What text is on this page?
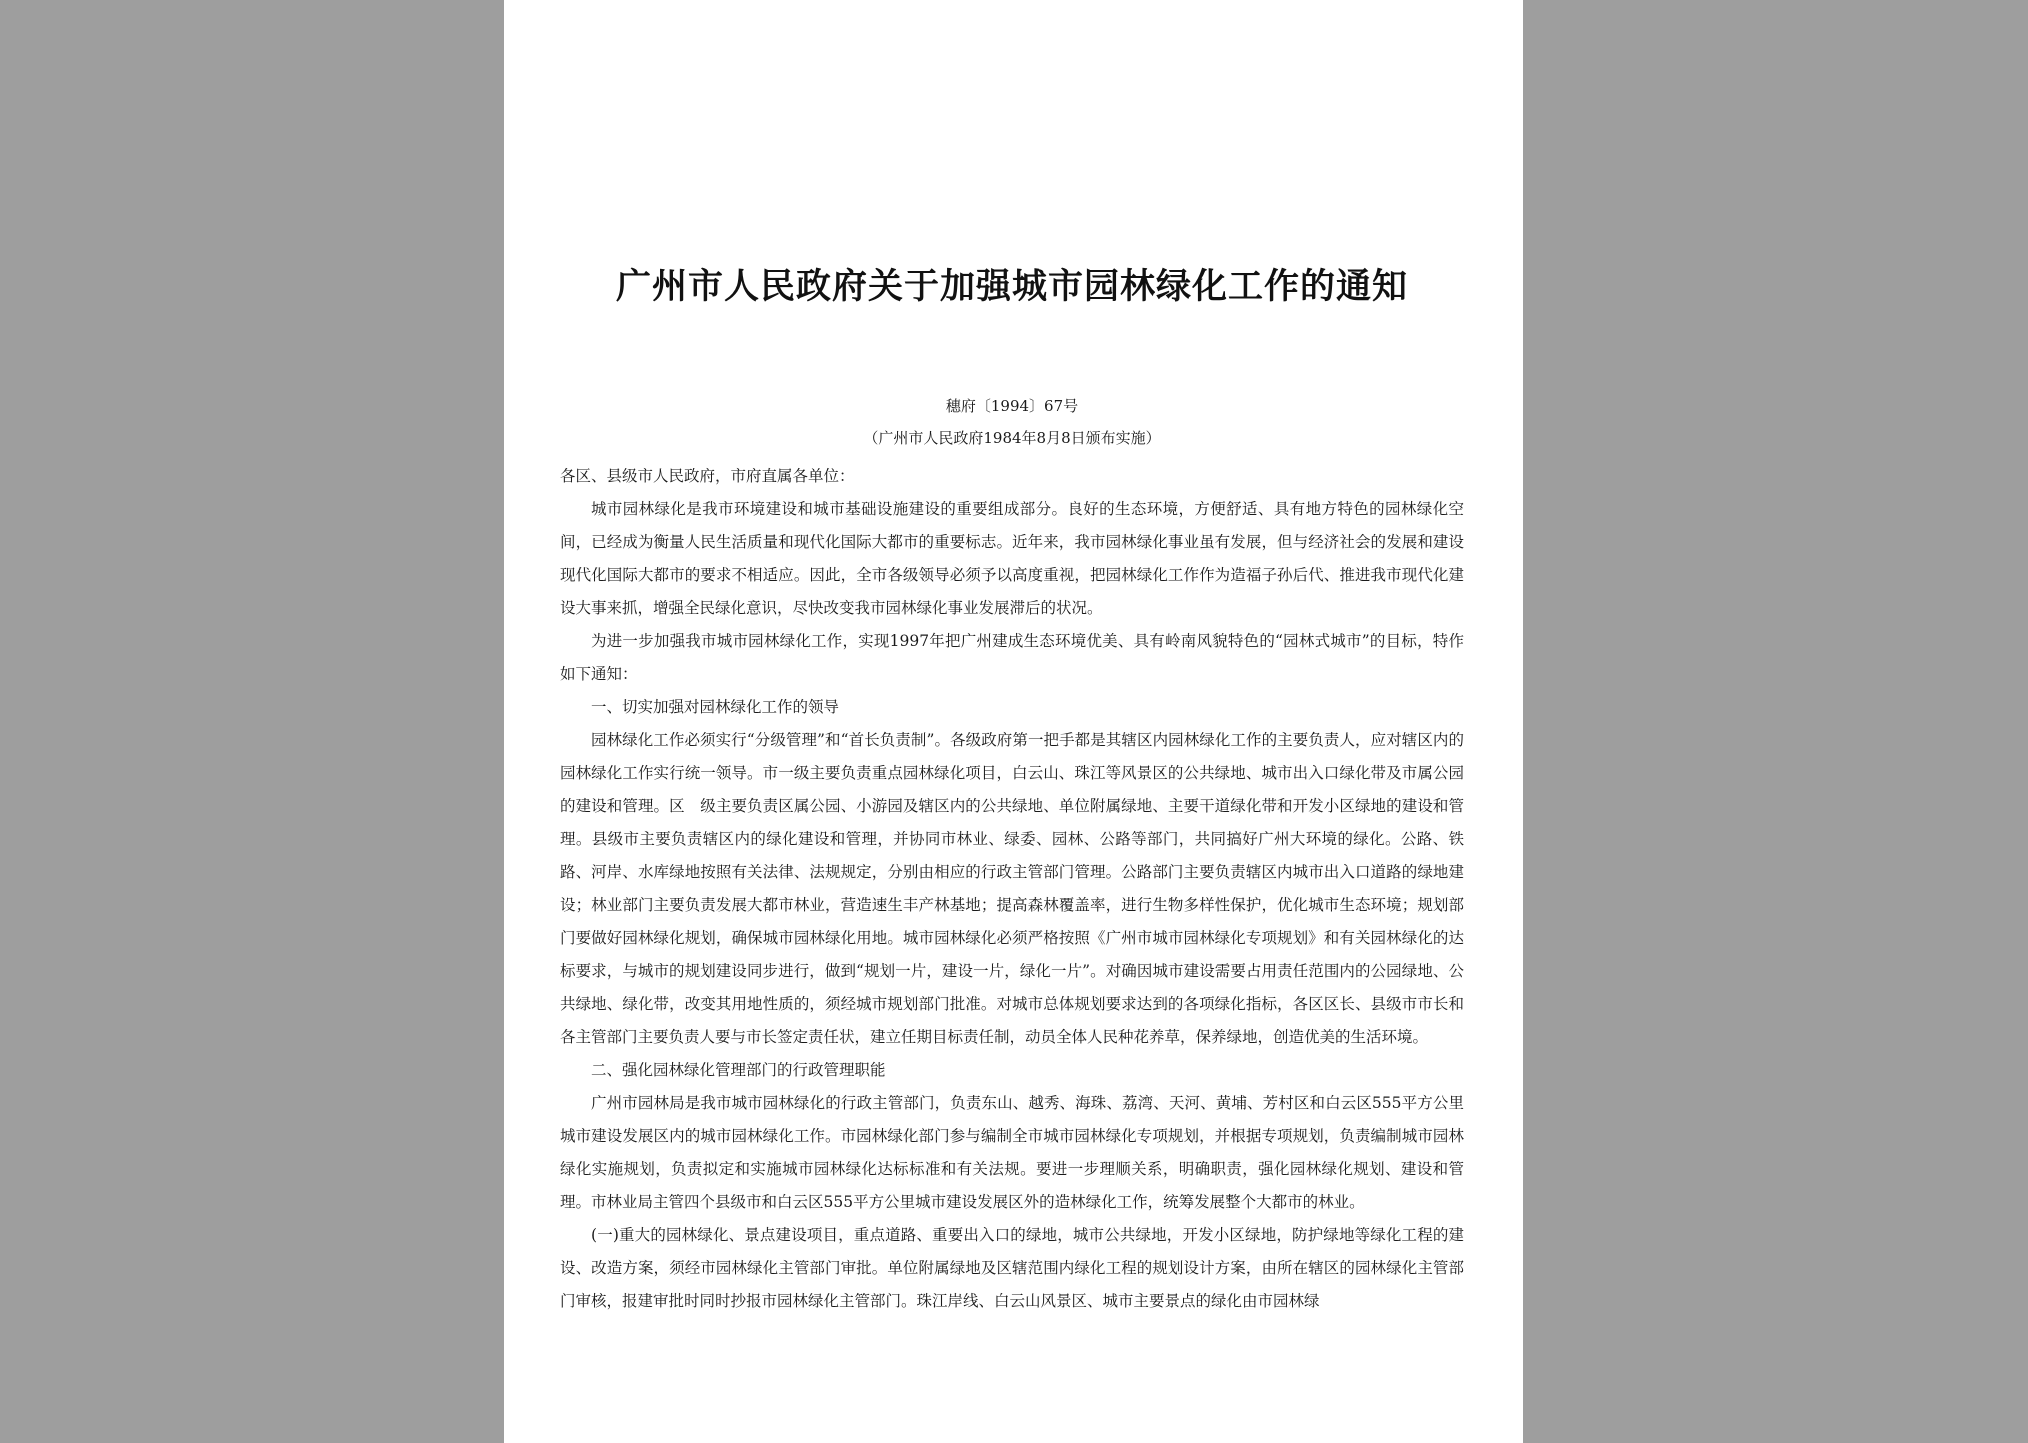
广州市人民政府关于加强城市园林绿化工作的通知
穗府〔1994〕67号
（广州市人民政府1984年8月8日颁布实施）

各区、县级市人民政府，市府直属各单位：

城市园林绿化是我市环境建设和城市基础设施建设的重要组成部分。良好的生态环境，方便舒适、具有地方特色的园林绿化空间，已经成为衡量人民生活质量和现代化国际大都市的重要标志。近年来，我市园林绿化事业虽有发展，但与经济社会的发展和建设现代化国际大都市的要求不相适应。因此，全市各级领导必须予以高度重视，把园林绿化工作作为造福子孙后代、推进我市现代化建设大事来抓，增强全民绿化意识，尽快改变我市园林绿化事业发展滞后的状况。

为进一步加强我市城市园林绿化工作，实现1997年把广州建成生态环境优美、具有岭南风貌特色的“园林式城市”的目标，特作如下通知：

一、切实加强对园林绿化工作的领导

园林绿化工作必须实行“分级管理”和“首长负责制”。各级政府第一把手都是其辖区内园林绿化工作的主要负责人，应对辖区内的园林绿化工作实行统一领导。市一级主要负责重点园林绿化项目，白云山、珠江等风景区的公共绿地、城市出入口绿化带及市属公园的建设和管理。区　级主要负责区属公园、小游园及辖区内的公共绿地、单位附属绿地、主要干道绿化带和开发小区绿地的建设和管理。县级市主要负责辖区内的绿化建设和管理，并协同市林业、绿委、园林、公路等部门，共同搞好广州大环境的绿化。公路、铁路、河岸、水库绿地按照有关法律、法规规定，分别由相应的行政主管部门管理。公路部门主要负责辖区内城市出入口道路的绿地建设；林业部门主要负责发展大都市林业，营造速生丰产林基地；提高森林覆盖率，进行生物多样性保护，优化城市生态环境；规划部门要做好园林绿化规划，确保城市园林绿化用地。城市园林绿化必须严格按照《广州市城市园林绿化专项规划》和有关园林绿化的达标要求，与城市的规划建设同步进行，做到“规划一片，建设一片，绿化一片”。对确因城市建设需要占用责任范围内的公园绿地、公共绿地、绿化带，改变其用地性质的，须经城市规划部门批准。对城市总体规划要求达到的各项绿化指标，各区区长、县级市市长和各主管部门主要负责人要与市长签定责任状，建立任期目标责任制，动员全体人民种花养草，保养绿地，创造优美的生活环境。

二、强化园林绿化管理部门的行政管理职能

广州市园林局是我市城市园林绿化的行政主管部门，负责东山、越秀、海珠、荔湾、天河、黄埔、芳村区和白云区555平方公里城市建设发展区内的城市园林绿化工作。市园林绿化部门参与编制全市城市园林绿化专项规划，并根据专项规划，负责编制城市园林绿化实施规划，负责拟定和实施城市园林绿化达标标准和有关法规。要进一步理顺关系，明确职责，强化园林绿化规划、建设和管理。市林业局主管四个县级市和白云区555平方公里城市建设发展区外的造林绿化工作，统筹发展整个大都市的林业。

(一)重大的园林绿化、景点建设项目，重点道路、重要出入口的绿地，城市公共绿地，开发小区绿地，防护绿地等绿化工程的建设、改造方案，须经市园林绿化主管部门审批。单位附属绿地及区辖范围内绿化工程的规划设计方案，由所在辖区的园林绿化主管部门审核，报建审批时同时抄报市园林绿化主管部门。珠江岸线、白云山风景区、城市主要景点的绿化由市园林绿
